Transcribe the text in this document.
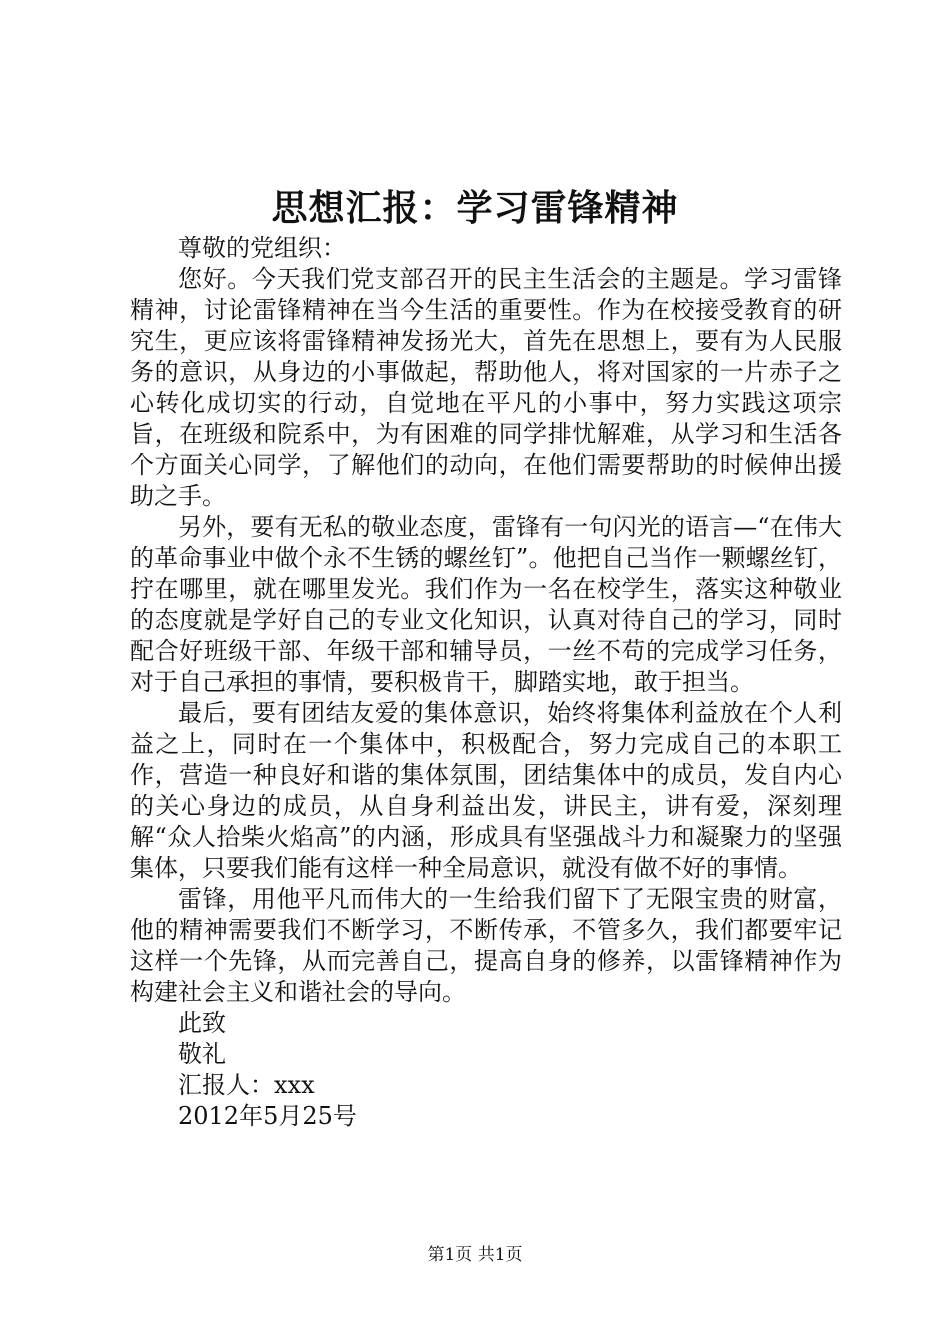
思想汇报：学习雷锋精神

尊敬的党组织：

您好。今天我们党支部召开的民主生活会的主题是。学习雷锋精神，讨论雷锋精神在当今生活的重要性。作为在校接受教育的研究生，更应该将雷锋精神发扬光大，首先在思想上，要有为人民服务的意识，从身边的小事做起，帮助他人，将对国家的一片赤子之心转化成切实的行动，自觉地在平凡的小事中，努力实践这项宗旨，在班级和院系中，为有困难的同学排忧解难，从学习和生活各个方面关心同学，了解他们的动向，在他们需要帮助的时候伸出援助之手。

另外，要有无私的敬业态度，雷锋有一句闪光的语言—“在伟大的革命事业中做个永不生锈的螺丝钉”。他把自己当作一颗螺丝钉，拧在哪里，就在哪里发光。我们作为一名在校学生，落实这种敬业的态度就是学好自己的专业文化知识，认真对待自己的学习，同时配合好班级干部、年级干部和辅导员，一丝不苟的完成学习任务，对于自己承担的事情，要积极肯干，脚踏实地，敢于担当。

最后，要有团结友爱的集体意识，始终将集体利益放在个人利益之上，同时在一个集体中，积极配合，努力完成自己的本职工作，营造一种良好和谐的集体氛围，团结集体中的成员，发自内心的关心身边的成员，从自身利益出发，讲民主，讲有爱，深刻理解“众人拾柴火焰高”的内涵，形成具有坚强战斗力和凝聚力的坚强集体，只要我们能有这样一种全局意识，就没有做不好的事情。

雷锋，用他平凡而伟大的一生给我们留下了无限宝贵的财富，他的精神需要我们不断学习，不断传承，不管多久，我们都要牢记这样一个先锋，从而完善自己，提高自身的修养，以雷锋精神作为构建社会主义和谐社会的导向。

此致

敬礼

汇报人：xxx

2012年5月25号

第1页 共1页
